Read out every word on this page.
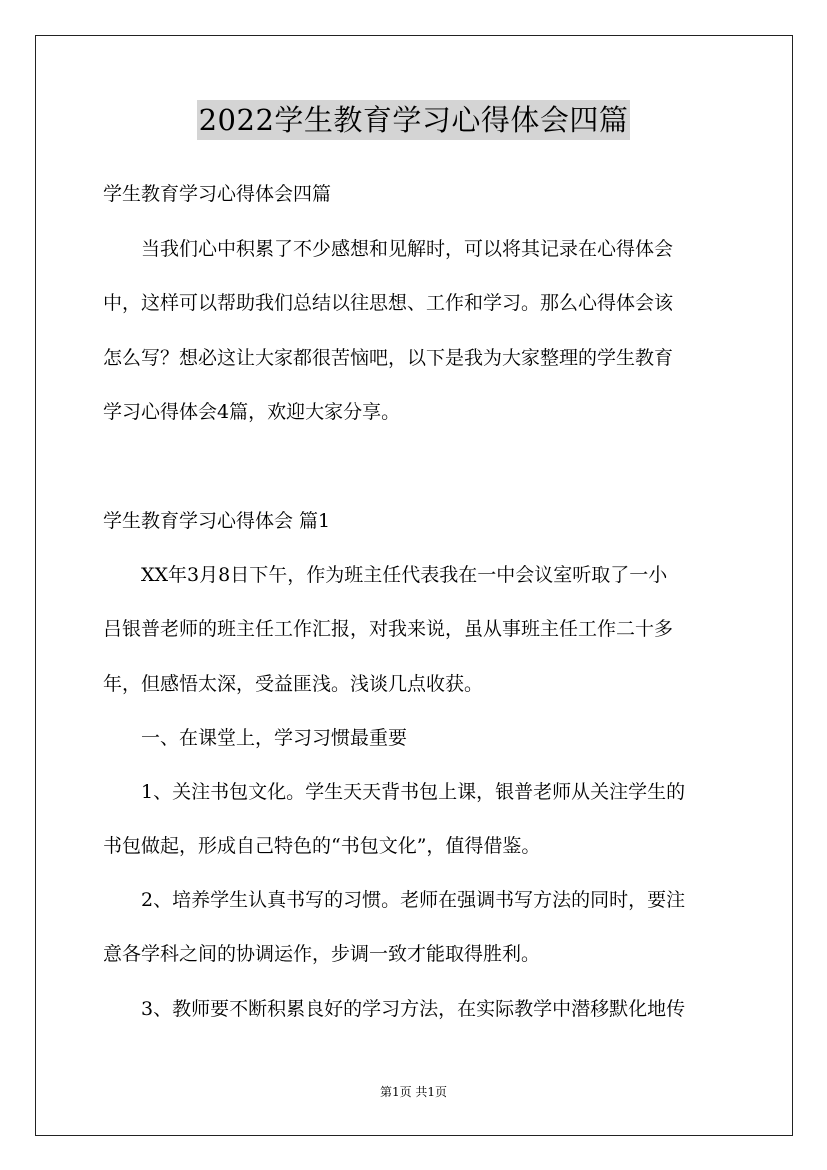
2022学生教育学习心得体会四篇
学生教育学习心得体会四篇
　　当我们心中积累了不少感想和见解时，可以将其记录在心得体会
中，这样可以帮助我们总结以往思想、工作和学习。那么心得体会该
怎么写？想必这让大家都很苦恼吧，以下是我为大家整理的学生教育
学习心得体会4篇，欢迎大家分享。
学生教育学习心得体会 篇1
　　XX年3月8日下午，作为班主任代表我在一中会议室听取了一小
吕银普老师的班主任工作汇报，对我来说，虽从事班主任工作二十多
年，但感悟太深，受益匪浅。浅谈几点收获。
　　一、在课堂上，学习习惯最重要
　　1、关注书包文化。学生天天背书包上课，银普老师从关注学生的
书包做起，形成自己特色的“书包文化”，值得借鉴。
　　2、培养学生认真书写的习惯。老师在强调书写方法的同时，要注
意各学科之间的协调运作，步调一致才能取得胜利。
　　3、教师要不断积累良好的学习方法，在实际教学中潜移默化地传
第1页 共1页
